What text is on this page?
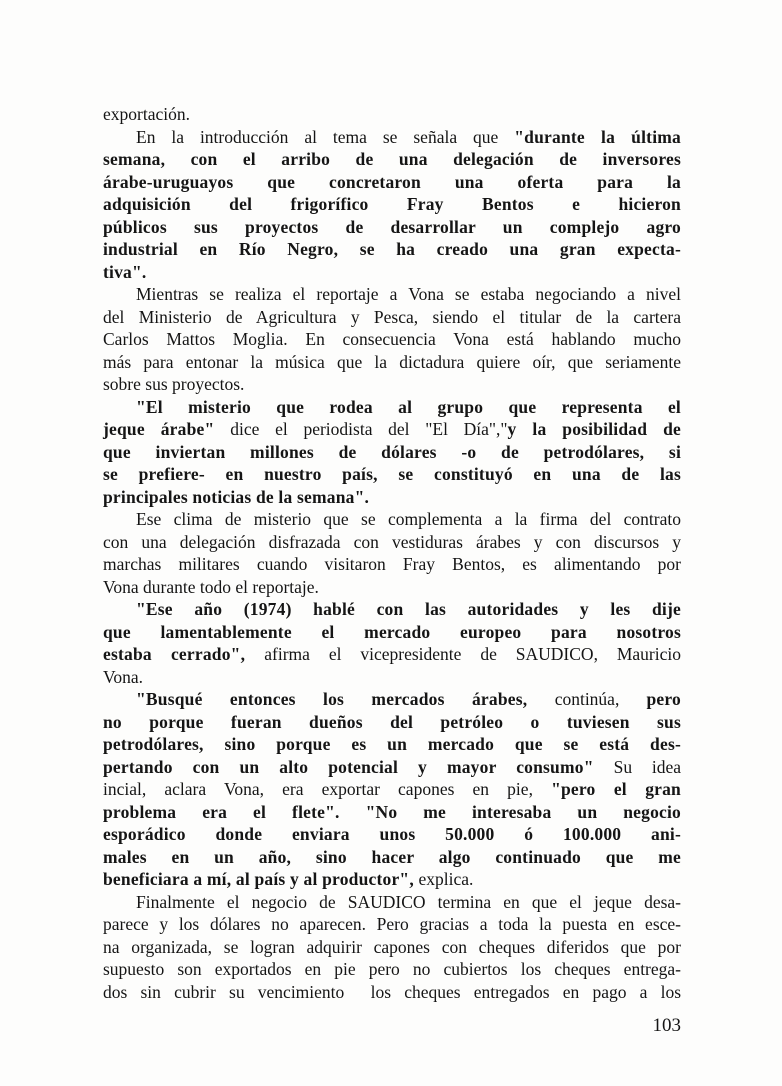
exportación.
En la introducción al tema se señala que "durante la última
semana, con el arribo de una delegación de inversores
árabe-uruguayos que concretaron una oferta para la
adquisición del frigorífico Fray Bentos e hicieron
públicos sus proyectos de desarrollar un complejo agro
industrial en Río Negro, se ha creado una gran expecta-
tiva".
Mientras se realiza el reportaje a Vona se estaba negociando a nivel
del Ministerio de Agricultura y Pesca, siendo el titular de la cartera
Carlos Mattos Moglia. En consecuencia Vona está hablando mucho
más para entonar la música que la dictadura quiere oír, que seriamente
sobre sus proyectos.
"El misterio que rodea al grupo que representa el
jeque árabe" dice el periodista del "El Día","y la posibilidad de
que inviertan millones de dólares -o de petrodólares, si
se prefiere- en nuestro país, se constituyó en una de las
principales noticias de la semana".
Ese clima de misterio que se complementa a la firma del contrato
con una delegación disfrazada con vestiduras árabes y con discursos y
marchas militares cuando visitaron Fray Bentos, es alimentando por
Vona durante todo el reportaje.
"Ese año (1974) hablé con las autoridades y les dije
que lamentablemente el mercado europeo para nosotros
estaba cerrado", afirma el vicepresidente de SAUDICO, Mauricio
Vona.
"Busqué entonces los mercados árabes, continúa, pero
no porque fueran dueños del petróleo o tuviesen sus
petrodólares, sino porque es un mercado que se está des-
pertando con un alto potencial y mayor consumo" Su idea
incial, aclara Vona, era exportar capones en pie, "pero el gran
problema era el flete". "No me interesaba un negocio
esporádico donde enviara unos 50.000 ó 100.000 ani-
males en un año, sino hacer algo continuado que me
beneficiara a mí, al país y al productor", explica.
Finalmente el negocio de SAUDICO termina en que el jeque desa-
parece y los dólares no aparecen. Pero gracias a toda la puesta en esce-
na organizada, se logran adquirir capones con cheques diferidos que por
supuesto son exportados en pie pero no cubiertos los cheques entrega-
dos sin cubrir su vencimiento  los cheques entregados en pago a los
103
